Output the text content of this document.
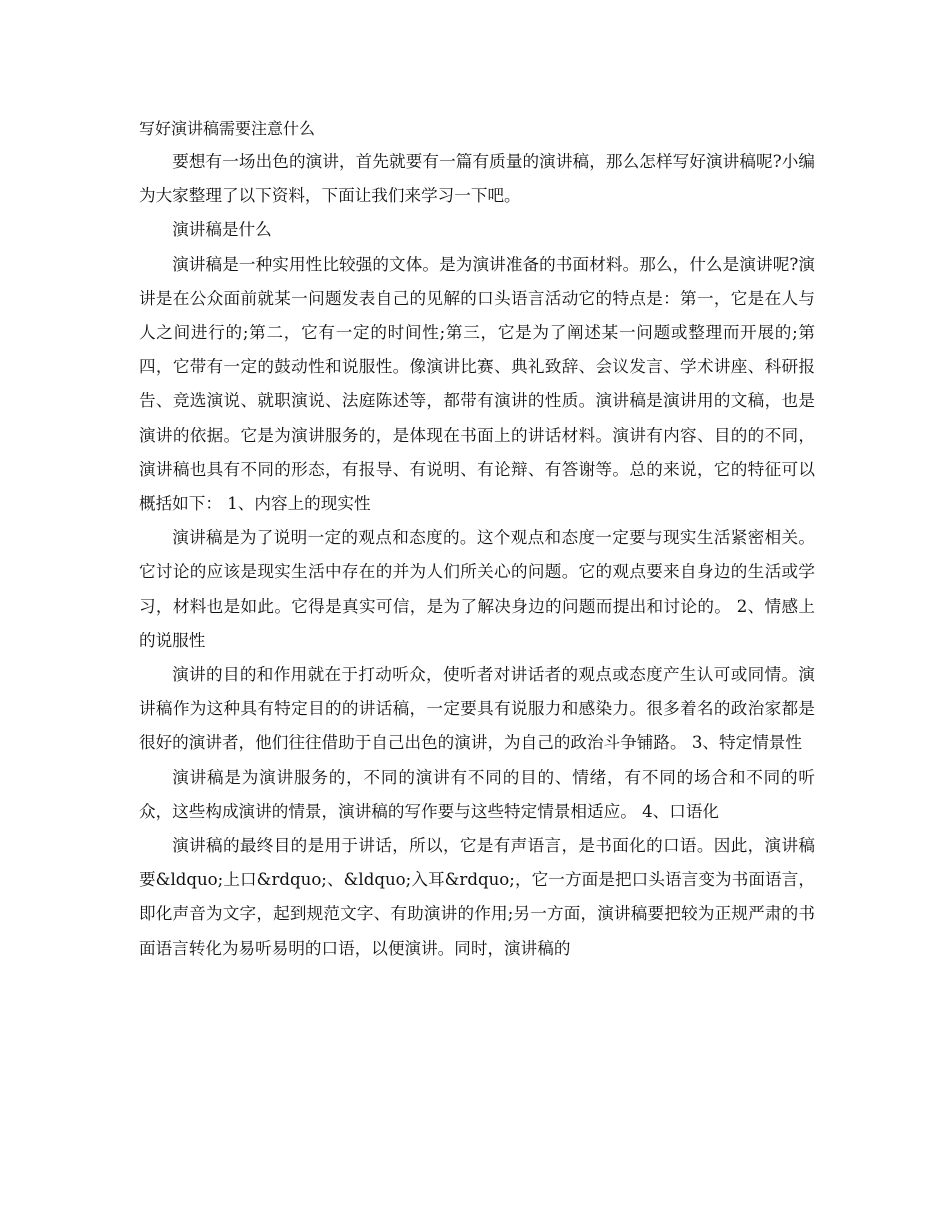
写好演讲稿需要注意什么

要想有一场出色的演讲，首先就要有一篇有质量的演讲稿，那么怎样写好演讲稿呢?小编为大家整理了以下资料，下面让我们来学习一下吧。

演讲稿是什么

演讲稿是一种实用性比较强的文体。是为演讲准备的书面材料。那么，什么是演讲呢?演讲是在公众面前就某一问题发表自己的见解的口头语言活动它的特点是：第一，它是在人与人之间进行的;第二，它有一定的时间性;第三，它是为了阐述某一问题或整理而开展的;第四，它带有一定的鼓动性和说服性。像演讲比赛、典礼致辞、会议发言、学术讲座、科研报告、竞选演说、就职演说、法庭陈述等，都带有演讲的性质。演讲稿是演讲用的文稿，也是演讲的依据。它是为演讲服务的，是体现在书面上的讲话材料。演讲有内容、目的的不同，演讲稿也具有不同的形态，有报导、有说明、有论辩、有答谢等。总的来说，它的特征可以概括如下： 1、内容上的现实性

演讲稿是为了说明一定的观点和态度的。这个观点和态度一定要与现实生活紧密相关。它讨论的应该是现实生活中存在的并为人们所关心的问题。它的观点要来自身边的生活或学习，材料也是如此。它得是真实可信，是为了解决身边的问题而提出和讨论的。 2、情感上的说服性

演讲的目的和作用就在于打动听众，使听者对讲话者的观点或态度产生认可或同情。演讲稿作为这种具有特定目的的讲话稿，一定要具有说服力和感染力。很多着名的政治家都是很好的演讲者，他们往往借助于自己出色的演讲，为自己的政治斗争铺路。 3、特定情景性

演讲稿是为演讲服务的，不同的演讲有不同的目的、情绪，有不同的场合和不同的听众，这些构成演讲的情景，演讲稿的写作要与这些特定情景相适应。 4、口语化

演讲稿的最终目的是用于讲话，所以，它是有声语言，是书面化的口语。因此，演讲稿要&ldquo;上口&rdquo;、&ldquo;入耳&rdquo;，它一方面是把口头语言变为书面语言，即化声音为文字，起到规范文字、有助演讲的作用;另一方面，演讲稿要把较为正规严肃的书面语言转化为易听易明的口语，以便演讲。同时，演讲稿的
